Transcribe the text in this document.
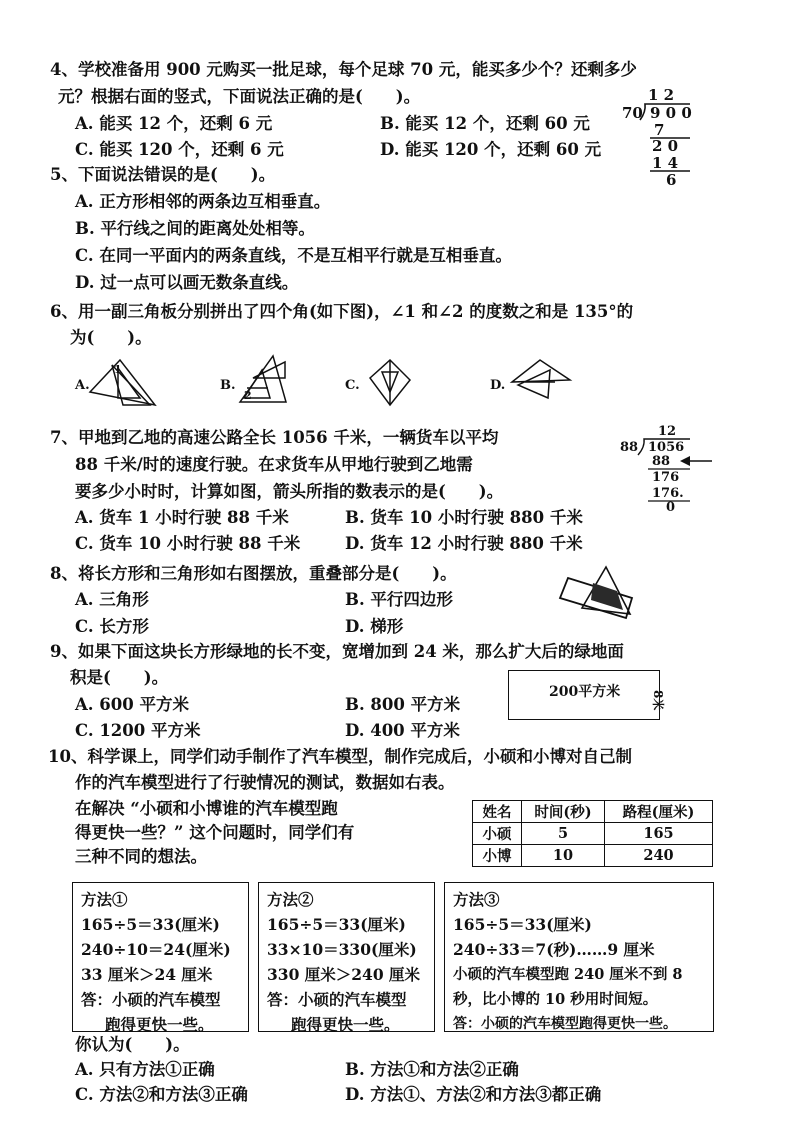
4、学校准备用 900 元购买一批足球，每个足球 70 元，能买多少个？还剩多少
元？根据右面的竖式，下面说法正确的是(　　)。
A. 能买 12 个，还剩 6 元	B. 能买 12 个，还剩 60 元
C. 能买 120 个，还剩 6 元	D. 能买 120 个，还剩 60 元
1 2
70 9 0 0
7
2 0
1 4
6
5、下面说法错误的是(　　)。
A. 正方形相邻的两条边互相垂直。
B. 平行线之间的距离处处相等。
C. 在同一平面内的两条直线，不是互相平行就是互相垂直。
D. 过一点可以画无数条直线。
6、用一副三角板分别拼出了四个角(如下图)，∠1 和∠2 的度数之和是 135°的
为(　　)。
A.	B.	C.	D.
1
2
7、甲地到乙地的高速公路全长 1056 千米，一辆货车以平均
88 千米/时的速度行驶。在求货车从甲地行驶到乙地需
要多少小时时，计算如图，箭头所指的数表示的是(　　)。
A. 货车 1 小时行驶 88 千米	B. 货车 10 小时行驶 880 千米
C. 货车 10 小时行驶 88 千米	D. 货车 12 小时行驶 880 千米
12
88 1056
88
176
176.
0
8、将长方形和三角形如右图摆放，重叠部分是(　　)。
A. 三角形	B. 平行四边形
C. 长方形	D. 梯形
9、如果下面这块长方形绿地的长不变，宽增加到 24 米，那么扩大后的绿地面
积是(　　)。
A. 600 平方米	B. 800 平方米
C. 1200 平方米	D. 400 平方米
200平方米	8米
10、科学课上，同学们动手制作了汽车模型，制作完成后，小硕和小博对自己制
作的汽车模型进行了行驶情况的测试，数据如右表。
在解决 “小硕和小博谁的汽车模型跑
得更快一些？” 这个问题时，同学们有
三种不同的想法。
姓名	时间(秒)	路程(厘米)
小硕	5	165
小博	10	240
方法①
165÷5＝33(厘米)
240÷10＝24(厘米)
33 厘米＞24 厘米
答：小硕的汽车模型
跑得更快一些。
方法②
165÷5＝33(厘米)
33×10＝330(厘米)
330 厘米＞240 厘米
答：小硕的汽车模型
跑得更快一些。
方法③
165÷5＝33(厘米)
240÷33＝7(秒)……9 厘米
小硕的汽车模型跑 240 厘米不到 8
秒，比小博的 10 秒用时间短。
答：小硕的汽车模型跑得更快一些。
你认为(　　)。
A. 只有方法①正确	B. 方法①和方法②正确
C. 方法②和方法③正确	D. 方法①、方法②和方法③都正确
